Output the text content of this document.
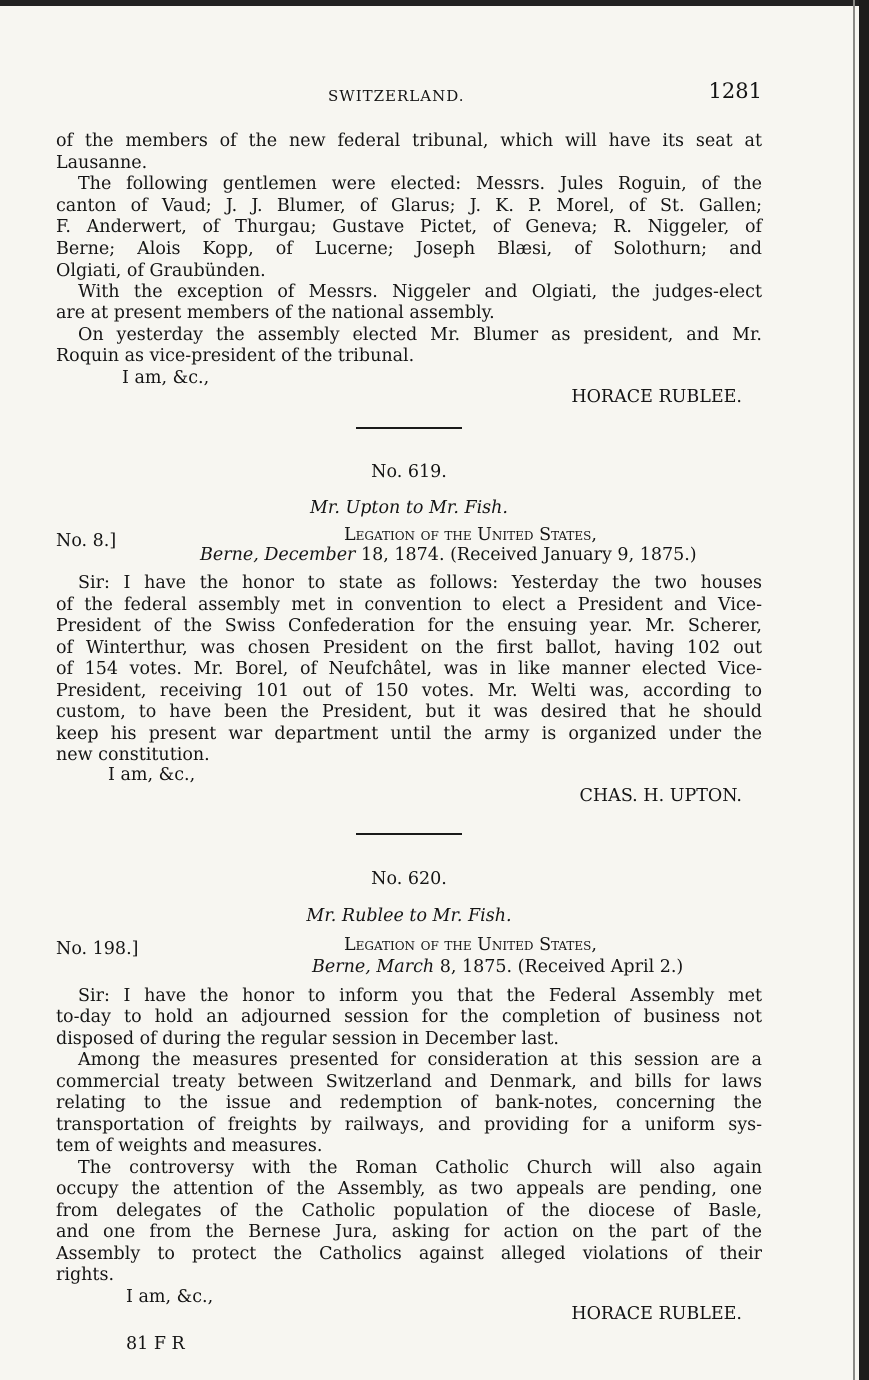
SWITZERLAND.	1281
of the members of the new federal tribunal, which will have its seat at
Lausanne.
The following gentlemen were elected: Messrs. Jules Roguin, of the
canton of Vaud; J. J. Blumer, of Glarus; J. K. P. Morel, of St. Gallen;
F. Anderwert, of Thurgau; Gustave Pictet, of Geneva; R. Niggeler, of
Berne; Alois Kopp, of Lucerne; Joseph Blæsi, of Solothurn; and
Olgiati, of Graubünden.
With the exception of Messrs. Niggeler and Olgiati, the judges-elect
are at present members of the national assembly.
On yesterday the assembly elected Mr. Blumer as president, and Mr.
Roquin as vice-president of the tribunal.
I am, &c.,
HORACE RUBLEE.
No. 619.
Mr. Upton to Mr. Fish.
No. 8.]	Legation of the United States,
Berne, December 18, 1874. (Received January 9, 1875.)
Sir: I have the honor to state as follows: Yesterday the two houses
of the federal assembly met in convention to elect a President and Vice-
President of the Swiss Confederation for the ensuing year. Mr. Scherer,
of Winterthur, was chosen President on the first ballot, having 102 out
of 154 votes. Mr. Borel, of Neufchâtel, was in like manner elected Vice-
President, receiving 101 out of 150 votes. Mr. Welti was, according to
custom, to have been the President, but it was desired that he should
keep his present war department until the army is organized under the
new constitution.
I am, &c.,
CHAS. H. UPTON.
No. 620.
Mr. Rublee to Mr. Fish.
No. 198.]	Legation of the United States,
Berne, March 8, 1875. (Received April 2.)
Sir: I have the honor to inform you that the Federal Assembly met
to-day to hold an adjourned session for the completion of business not
disposed of during the regular session in December last.
Among the measures presented for consideration at this session are a
commercial treaty between Switzerland and Denmark, and bills for laws
relating to the issue and redemption of bank-notes, concerning the
transportation of freights by railways, and providing for a uniform sys-
tem of weights and measures.
The controversy with the Roman Catholic Church will also again
occupy the attention of the Assembly, as two appeals are pending, one
from delegates of the Catholic population of the diocese of Basle,
and one from the Bernese Jura, asking for action on the part of the
Assembly to protect the Catholics against alleged violations of their
rights.
I am, &c.,
HORACE RUBLEE.
81 F R
